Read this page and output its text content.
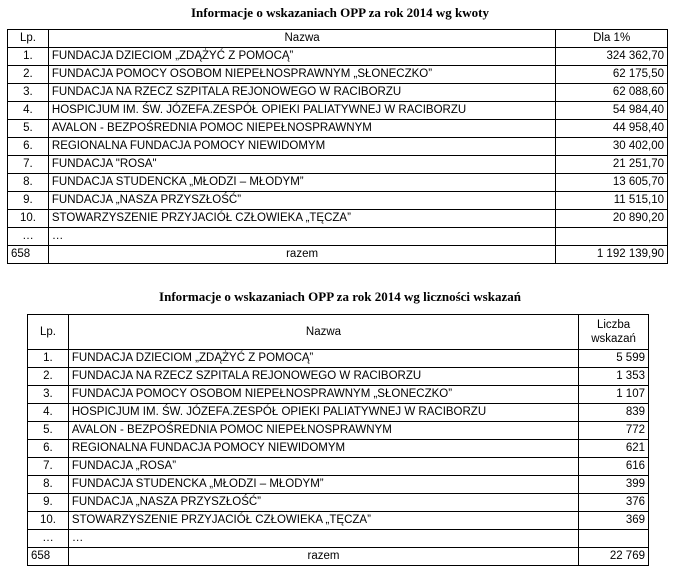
Informacje o wskazaniach OPP za rok 2014 wg kwoty
Lp.	Nazwa	Dla 1%
1.	FUNDACJA DZIECIOM „ZDĄŻYĆ Z POMOCĄ”	324 362,70
2.	FUNDACJA POMOCY OSOBOM NIEPEŁNOSPRAWNYM „SŁONECZKO”	62 175,50
3.	FUNDACJA NA RZECZ SZPITALA REJONOWEGO W RACIBORZU	62 088,60
4.	HOSPICJUM IM. ŚW. JÓZEFA.ZESPÓŁ OPIEKI PALIATYWNEJ W RACIBORZU	54 984,40
5.	AVALON - BEZPOŚREDNIA POMOC NIEPEŁNOSPRAWNYM	44 958,40
6.	REGIONALNA FUNDACJA POMOCY NIEWIDOMYM	30 402,00
7.	FUNDACJA "ROSA"	21 251,70
8.	FUNDACJA STUDENCKA „MŁODZI – MŁODYM”	13 605,70
9.	FUNDACJA „NASZA PRZYSZŁOŚĆ”	11 515,10
10.	STOWARZYSZENIE PRZYJACIÓŁ CZŁOWIEKA „TĘCZA”	20 890,20
…	…	
658	razem	1 192 139,90
Informacje o wskazaniach OPP za rok 2014 wg liczności wskazań
Lp.	Nazwa	Liczba
wskazań
1.	FUNDACJA DZIECIOM „ZDĄŻYĆ Z POMOCĄ”	5 599
2.	FUNDACJA NA RZECZ SZPITALA REJONOWEGO W RACIBORZU	1 353
3.	FUNDACJA POMOCY OSOBOM NIEPEŁNOSPRAWNYM „SŁONECZKO”	1 107
4.	HOSPICJUM IM. ŚW. JÓZEFA.ZESPÓŁ OPIEKI PALIATYWNEJ W RACIBORZU	839
5.	AVALON - BEZPOŚREDNIA POMOC NIEPEŁNOSPRAWNYM	772
6.	REGIONALNA FUNDACJA POMOCY NIEWIDOMYM	621
7.	FUNDACJA „ROSA”	616
8.	FUNDACJA STUDENCKA „MŁODZI – MŁODYM”	399
9.	FUNDACJA „NASZA PRZYSZŁOŚĆ”	376
10.	STOWARZYSZENIE PRZYJACIÓŁ CZŁOWIEKA „TĘCZA”	369
…	…	
658	razem	22 769
